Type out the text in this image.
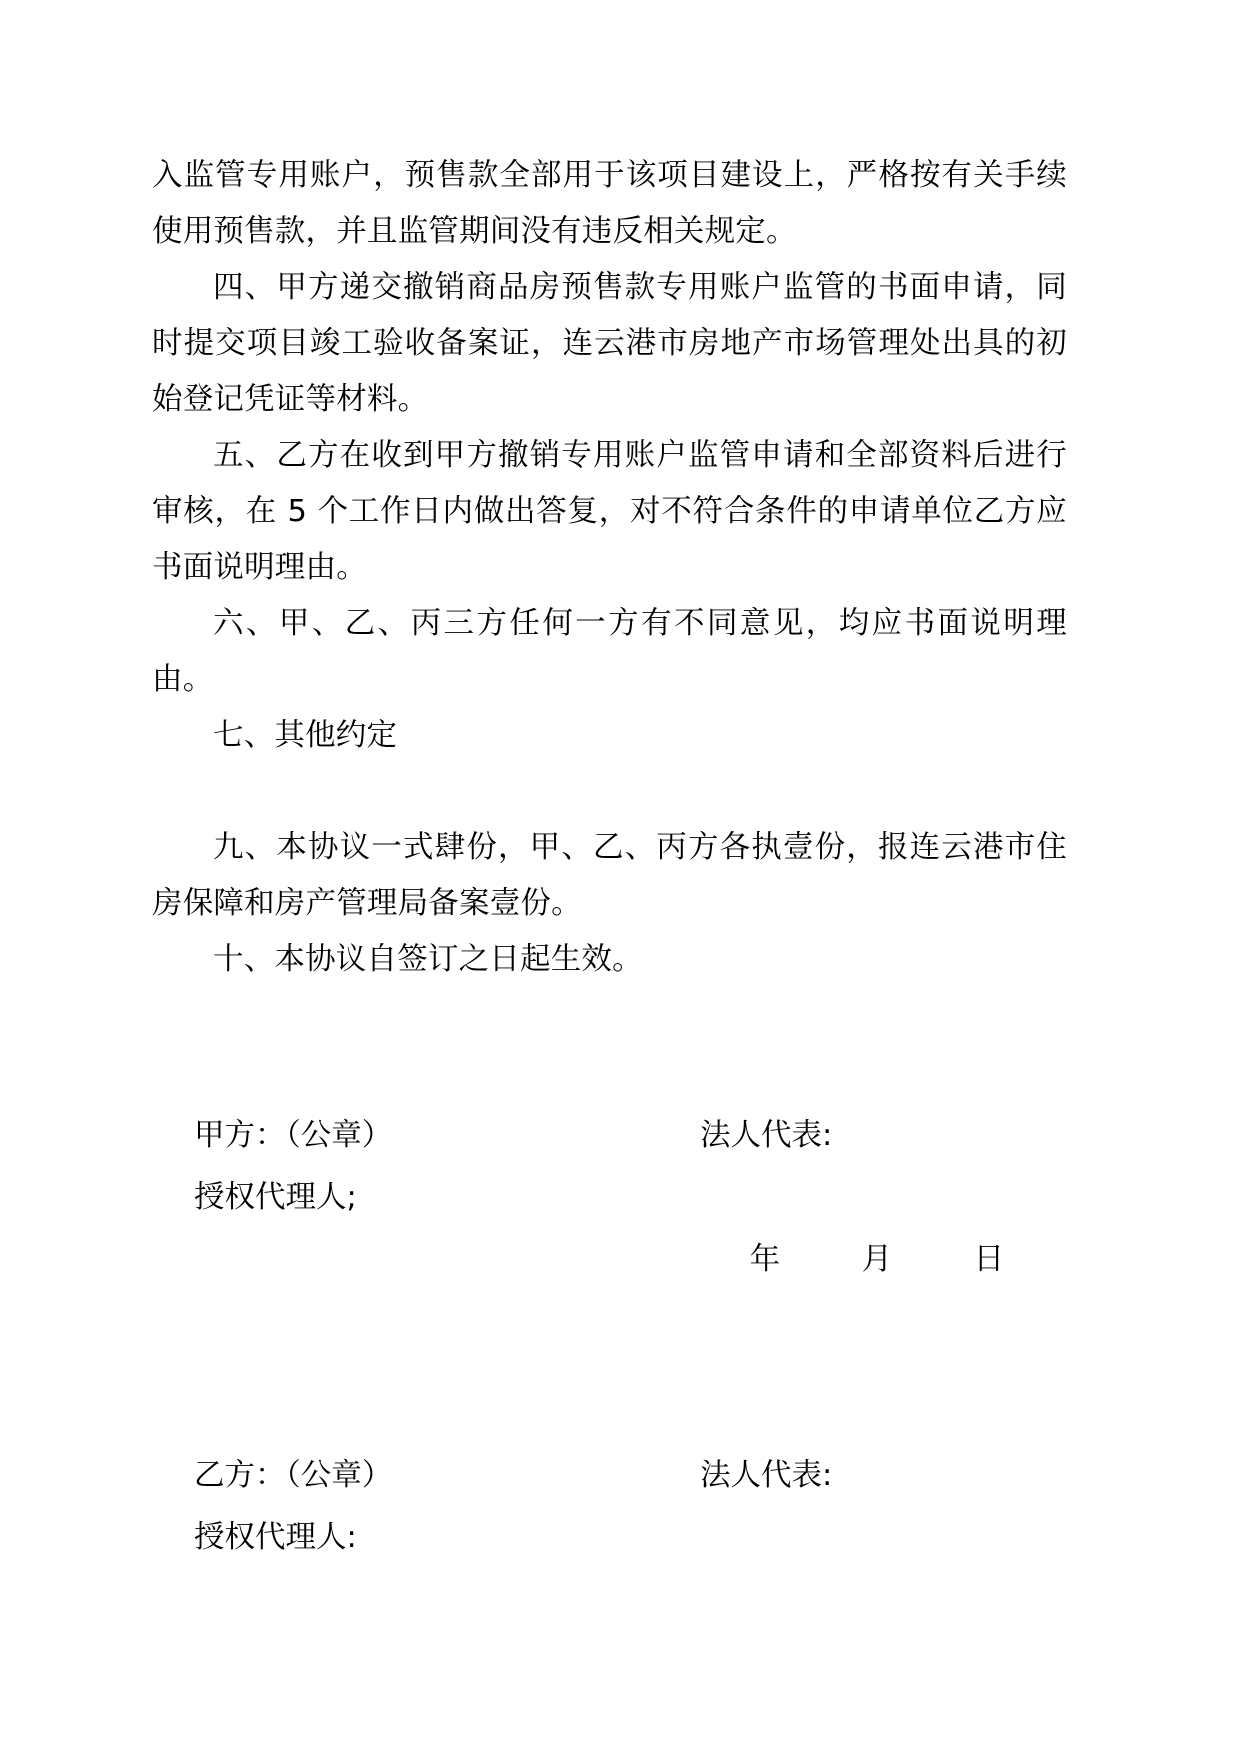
入监管专用账户，预售款全部用于该项目建设上，严格按有关手续使用预售款，并且监管期间没有违反相关规定。

四、甲方递交撤销商品房预售款专用账户监管的书面申请，同时提交项目竣工验收备案证，连云港市房地产市场管理处出具的初始登记凭证等材料。

五、乙方在收到甲方撤销专用账户监管申请和全部资料后进行审核，在 5 个工作日内做出答复，对不符合条件的申请单位乙方应书面说明理由。

六、甲、乙、丙三方任何一方有不同意见，均应书面说明理由。

七、其他约定

九、本协议一式肆份，甲、乙、丙方各执壹份，报连云港市住房保障和房产管理局备案壹份。

十、本协议自签订之日起生效。

甲方：（公章）	法人代表:
授权代理人;

年	月	日

乙方：（公章）	法人代表:
授权代理人:
